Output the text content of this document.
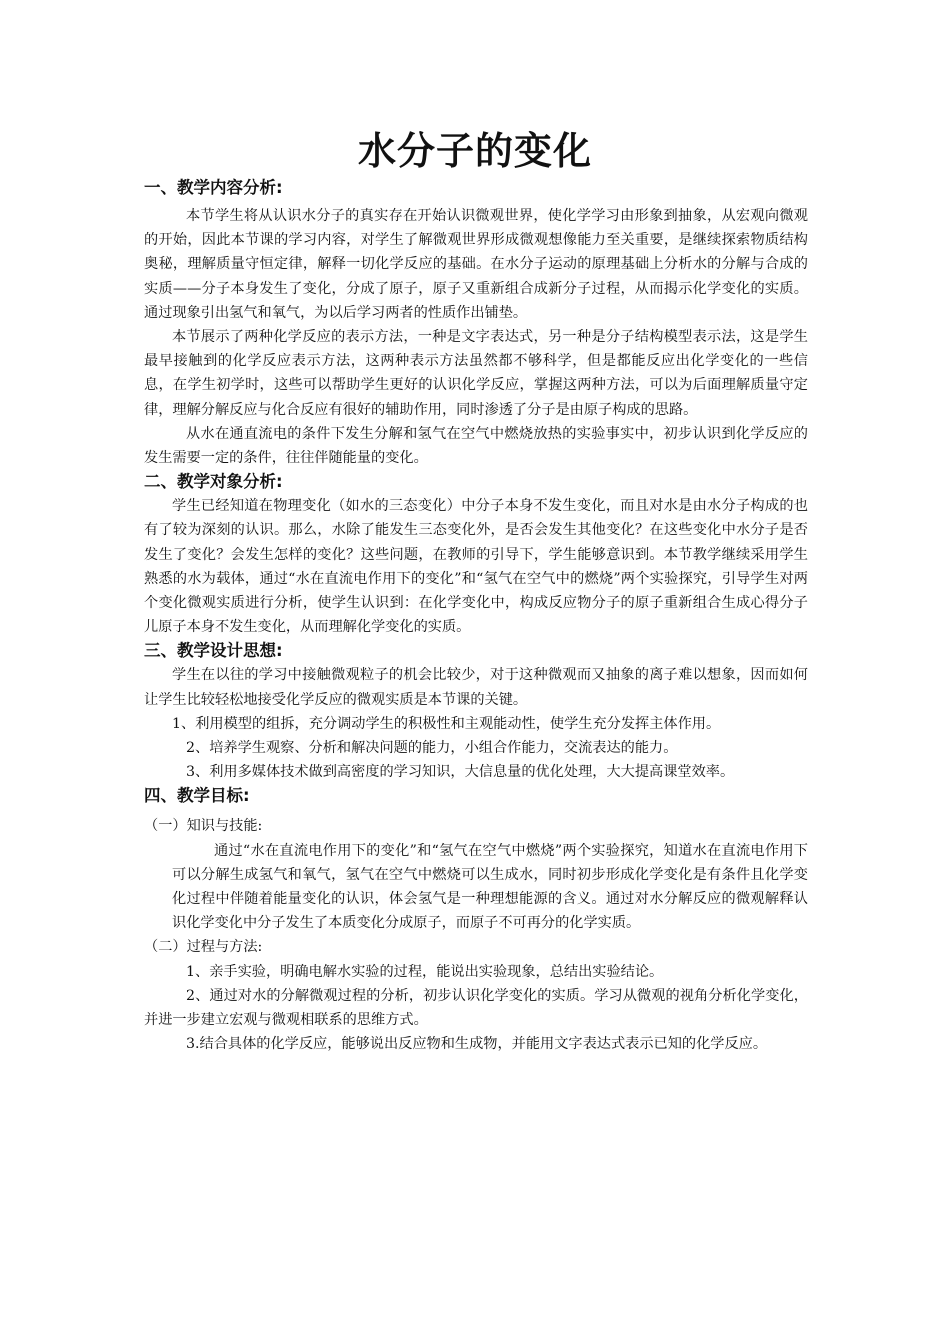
水分子的变化
一、教学内容分析:

本节学生将从认识水分子的真实存在开始认识微观世界，使化学学习由形象到抽象，从宏观向微观的开始，因此本节课的学习内容，对学生了解微观世界形成微观想像能力至关重要，是继续探索物质结构奥秘，理解质量守恒定律，解释一切化学反应的基础。在水分子运动的原理基础上分析水的分解与合成的实质——分子本身发生了变化，分成了原子，原子又重新组合成新分子过程，从而揭示化学变化的实质。通过现象引出氢气和氧气，为以后学习两者的性质作出铺垫。

本节展示了两种化学反应的表示方法，一种是文字表达式，另一种是分子结构模型表示法，这是学生最早接触到的化学反应表示方法，这两种表示方法虽然都不够科学，但是都能反应出化学变化的一些信息，在学生初学时，这些可以帮助学生更好的认识化学反应，掌握这两种方法，可以为后面理解质量守定律，理解分解反应与化合反应有很好的辅助作用，同时渗透了分子是由原子构成的思路。

从水在通直流电的条件下发生分解和氢气在空气中燃烧放热的实验事实中，初步认识到化学反应的发生需要一定的条件，往往伴随能量的变化。

二、教学对象分析:

学生已经知道在物理变化（如水的三态变化）中分子本身不发生变化，而且对水是由水分子构成的也有了较为深刻的认识。那么，水除了能发生三态变化外，是否会发生其他变化？在这些变化中水分子是否发生了变化？会发生怎样的变化？这些问题，在教师的引导下，学生能够意识到。本节教学继续采用学生熟悉的水为载体，通过“水在直流电作用下的变化”和“氢气在空气中的燃烧”两个实验探究，引导学生对两个变化微观实质进行分析，使学生认识到：在化学变化中，构成反应物分子的原子重新组合生成心得分子儿原子本身不发生变化，从而理解化学变化的实质。

三、教学设计思想:

学生在以往的学习中接触微观粒子的机会比较少，对于这种微观而又抽象的离子难以想象，因而如何让学生比较轻松地接受化学反应的微观实质是本节课的关键。

1、利用模型的组拆，充分调动学生的积极性和主观能动性，使学生充分发挥主体作用。

2、培养学生观察、分析和解决问题的能力，小组合作能力，交流表达的能力。

3、利用多媒体技术做到高密度的学习知识，大信息量的优化处理，大大提高课堂效率。

四、教学目标:

（一）知识与技能:

通过“水在直流电作用下的变化”和“氢气在空气中燃烧”两个实验探究，知道水在直流电作用下可以分解生成氢气和氧气，氢气在空气中燃烧可以生成水，同时初步形成化学变化是有条件且化学变化过程中伴随着能量变化的认识，体会氢气是一种理想能源的含义。通过对水分解反应的微观解释认识化学变化中分子发生了本质变化分成原子，而原子不可再分的化学实质。

（二）过程与方法:

1、亲手实验，明确电解水实验的过程，能说出实验现象，总结出实验结论。

2、通过对水的分解微观过程的分析，初步认识化学变化的实质。学习从微观的视角分析化学变化，并进一步建立宏观与微观相联系的思维方式。

3.结合具体的化学反应，能够说出反应物和生成物，并能用文字表达式表示已知的化学反应。
